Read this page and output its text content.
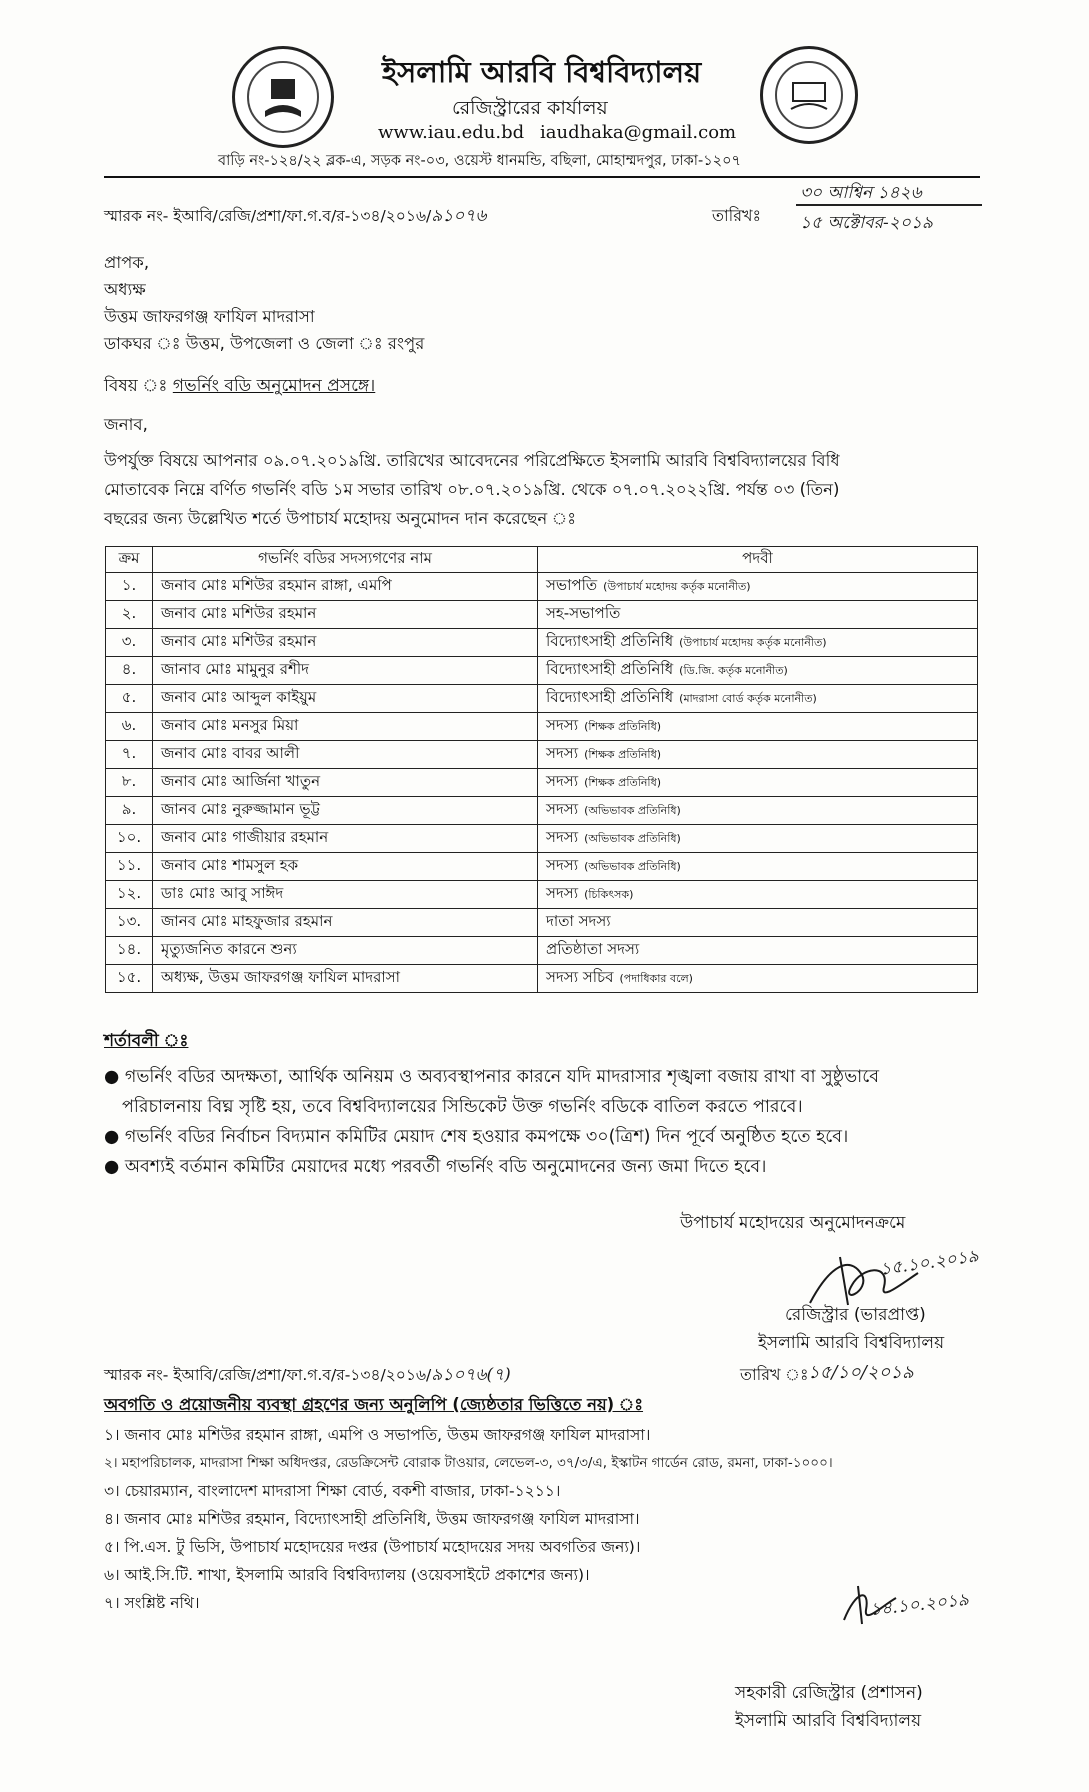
ইসলামি আরবি বিশ্ববিদ্যালয়
রেজিস্ট্রারের কার্যালয়
www.iau.edu.bd iaudhaka@gmail.com
বাড়ি নং-১২৪/২২ ব্লক-এ, সড়ক নং-০৩, ওয়েস্ট ধানমন্ডি, বছিলা, মোহাম্মদপুর, ঢাকা-১২০৭
স্মারক নং- ইআবি/রেজি/প্রশা/ফা.গ.ব/র-১৩৪/২০১৬/৯১০৭৬	তারিখঃ
৩০ আশ্বিন ১৪২৬
১৫ অক্টোবর-২০১৯
প্রাপক,
অধ্যক্ষ
উত্তম জাফরগঞ্জ ফাযিল মাদরাসা
ডাকঘর ঃ উত্তম, উপজেলা ও জেলা ঃ রংপুর
বিষয় ঃ গভর্নিং বডি অনুমোদন প্রসঙ্গে।
জনাব,
উপর্যুক্ত বিষয়ে আপনার ০৯.০৭.২০১৯খ্রি. তারিখের আবেদনের পরিপ্রেক্ষিতে ইসলামি আরবি বিশ্ববিদ্যালয়ের বিধি
মোতাবেক নিম্নে বর্ণিত গভর্নিং বডি ১ম সভার তারিখ ০৮.০৭.২০১৯খ্রি. থেকে ০৭.০৭.২০২২খ্রি. পর্যন্ত ০৩ (তিন)
বছরের জন্য উল্লেখিত শর্তে উপাচার্য মহোদয় অনুমোদন দান করেছেন ঃ
ক্রম	গভর্নিং বডির সদস্যগণের নাম	পদবী
১.	জনাব মোঃ মশিউর রহমান রাঙ্গা, এমপি	সভাপতি (উপাচার্য মহোদয় কর্তৃক মনোনীত)
২.	জনাব মোঃ মশিউর রহমান	সহ-সভাপতি
৩.	জনাব মোঃ মশিউর রহমান	বিদ্যোৎসাহী প্রতিনিধি (উপাচার্য মহোদয় কর্তৃক মনোনীত)
৪.	জানাব মোঃ মামুনুর রশীদ	বিদ্যোৎসাহী প্রতিনিধি (ডি.জি. কর্তৃক মনোনীত)
৫.	জনাব মোঃ আব্দুল কাইয়ুম	বিদ্যোৎসাহী প্রতিনিধি (মাদরাসা বোর্ড কর্তৃক মনোনীত)
৬.	জনাব মোঃ মনসুর মিয়া	সদস্য (শিক্ষক প্রতিনিধি)
৭.	জনাব মোঃ বাবর আলী	সদস্য (শিক্ষক প্রতিনিধি)
৮.	জনাব মোঃ আর্জিনা খাতুন	সদস্য (শিক্ষক প্রতিনিধি)
৯.	জানব মোঃ নুরুজ্জামান ভূট্ট	সদস্য (অভিভাবক প্রতিনিধি)
১০.	জনাব মোঃ গাজীয়ার রহমান	সদস্য (অভিভাবক প্রতিনিধি)
১১.	জনাব মোঃ শামসুল হক	সদস্য (অভিভাবক প্রতিনিধি)
১২.	ডাঃ মোঃ আবু সাঈদ	সদস্য (চিকিৎসক)
১৩.	জানব মোঃ মাহফুজার রহমান	দাতা সদস্য
১৪.	মৃত্যুজনিত কারনে শুন্য	প্রতিষ্ঠাতা সদস্য
১৫.	অধ্যক্ষ, উত্তম জাফরগঞ্জ ফাযিল মাদরাসা	সদস্য সচিব (পদাধিকার বলে)
শর্তাবলী ঃ
● গভর্নিং বডির অদক্ষতা, আর্থিক অনিয়ম ও অব্যবস্থাপনার কারনে যদি মাদরাসার শৃঙ্খলা বজায় রাখা বা সুষ্ঠুভাবে
পরিচালনায় বিঘ্ন সৃষ্টি হয়, তবে বিশ্ববিদ্যালয়ের সিন্ডিকেট উক্ত গভর্নিং বডিকে বাতিল করতে পারবে।
● গভর্নিং বডির নির্বাচন বিদ্যমান কমিটির মেয়াদ শেষ হওয়ার কমপক্ষে ৩০(ত্রিশ) দিন পূর্বে অনুষ্ঠিত হতে হবে।
● অবশ্যই বর্তমান কমিটির মেয়াদের মধ্যে পরবর্তী গভর্নিং বডি অনুমোদনের জন্য জমা দিতে হবে।
উপাচার্য মহোদয়ের অনুমোদনক্রমে
১৫.১০.২০১৯
রেজিস্ট্রার (ভারপ্রাপ্ত)
ইসলামি আরবি বিশ্ববিদ্যালয়
স্মারক নং- ইআবি/রেজি/প্রশা/ফা.গ.ব/র-১৩৪/২০১৬/৯১০৭৬(৭)	তারিখ ঃ ১৫/১০/২০১৯
অবগতি ও প্রয়োজনীয় ব্যবস্থা গ্রহণের জন্য অনুলিপি (জ্যেষ্ঠতার ভিত্তিতে নয়) ঃ
১। জনাব মোঃ মশিউর রহমান রাঙ্গা, এমপি ও সভাপতি, উত্তম জাফরগঞ্জ ফাযিল মাদরাসা।
২। মহাপরিচালক, মাদরাসা শিক্ষা অধিদপ্তর, রেডক্রিসেন্ট বোরাক টাওয়ার, লেভেল-৩, ৩৭/৩/এ, ইস্কাটন গার্ডেন রোড, রমনা, ঢাকা-১০০০।
৩। চেয়ারম্যান, বাংলাদেশ মাদরাসা শিক্ষা বোর্ড, বকশী বাজার, ঢাকা-১২১১।
৪। জনাব মোঃ মশিউর রহমান, বিদ্যোৎসাহী প্রতিনিধি, উত্তম জাফরগঞ্জ ফাযিল মাদরাসা।
৫। পি.এস. টু ভিসি, উপাচার্য মহোদয়ের দপ্তর (উপাচার্য মহোদয়ের সদয় অবগতির জন্য)।
৬। আই.সি.টি. শাখা, ইসলামি আরবি বিশ্ববিদ্যালয় (ওয়েবসাইটে প্রকাশের জন্য)।
৭। সংশ্লিষ্ট নথি।	১৪.১০.২০১৯
সহকারী রেজিস্ট্রার (প্রশাসন)
ইসলামি আরবি বিশ্ববিদ্যালয়
